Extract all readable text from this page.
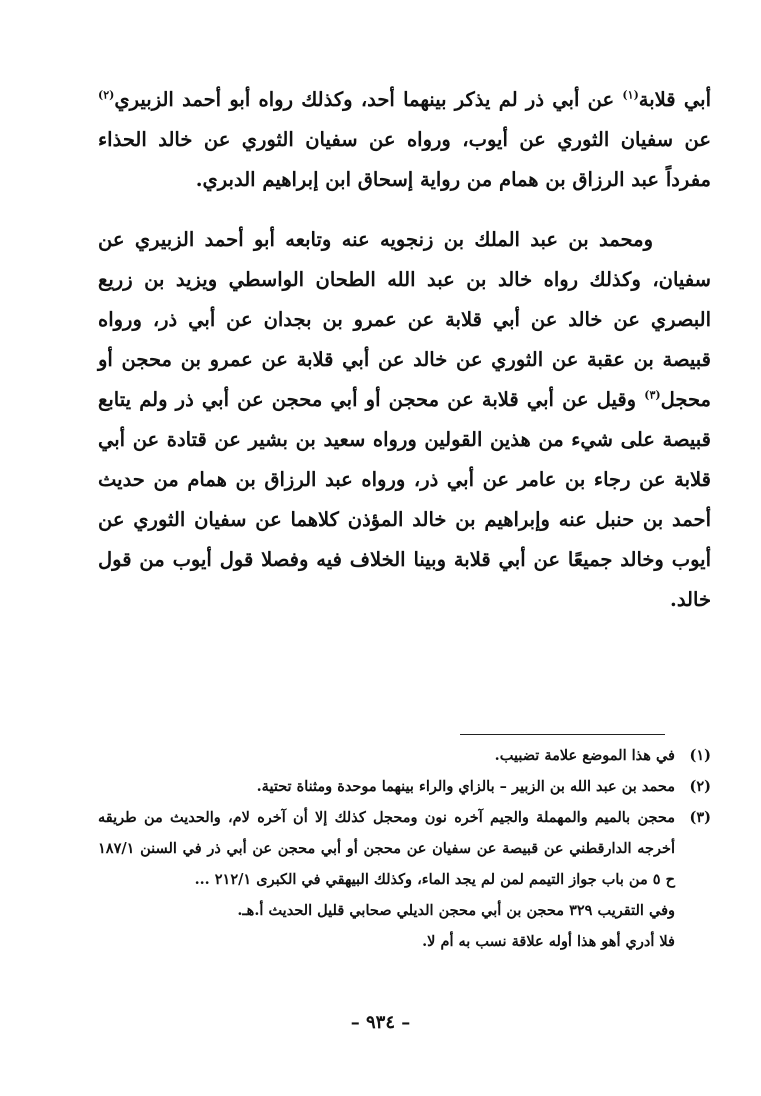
أبي قلابة$^{(١)}$ عن أبي ذر لم يذكر بينهما أحد، وكذلك رواه أبو أحمد الزبيري$^{(٢)}$ عن سفيان الثوري عن أيوب، ورواه عن سفيان الثوري عن خالد الحذاء مفرداً عبد الرزاق بن همام من رواية إسحاق ابن إبراهيم الدبري.

ومحمد بن عبد الملك بن زنجويه عنه وتابعه أبو أحمد الزبيري عن سفيان، وكذلك رواه خالد بن عبد الله الطحان الواسطي ويزيد بن زريع البصري عن خالد عن أبي قلابة عن عمرو بن بجدان عن أبي ذر، ورواه قبيصة بن عقبة عن الثوري عن خالد عن أبي قلابة عن عمرو بن محجن أو محجل$^{(٣)}$ وقيل عن أبي قلابة عن محجن أو أبي محجن عن أبي ذر ولم يتابع قبيصة على شيء من هذين القولين ورواه سعيد بن بشير عن قتادة عن أبي قلابة عن رجاء بن عامر عن أبي ذر، ورواه عبد الرزاق بن همام من حديث أحمد بن حنبل عنه وإبراهيم بن خالد المؤذن كلاهما عن سفيان الثوري عن أيوب وخالد جميعًا عن أبي قلابة وبينا الخلاف فيه وفصلا قول أيوب من قول خالد.

(١)
في هذا الموضع علامة تضبيب.
(٢)
محمد بن عبد الله بن الزبير – بالزاي والراء بينهما موحدة ومثناة تحتية.
(٣)
محجن بالميم والمهملة والجيم آخره نون ومحجل كذلك إلا أن آخره لام، والحديث من طريقه أخرجه الدارقطني عن قبيصة عن سفيان عن محجن أو أبي محجن عن أبي ذر في السنن ١٨٧/١ ح ٥ من باب جواز التيمم لمن لم يجد الماء، وكذلك البيهقي في الكبرى ٢١٢/١ ...
وفي التقريب ٣٢٩ محجن بن أبي محجن الديلي صحابي قليل الحديث أ.هـ.
فلا أدري أهو هذا أوله علاقة نسب به أم لا.
– ٩٣٤ –
